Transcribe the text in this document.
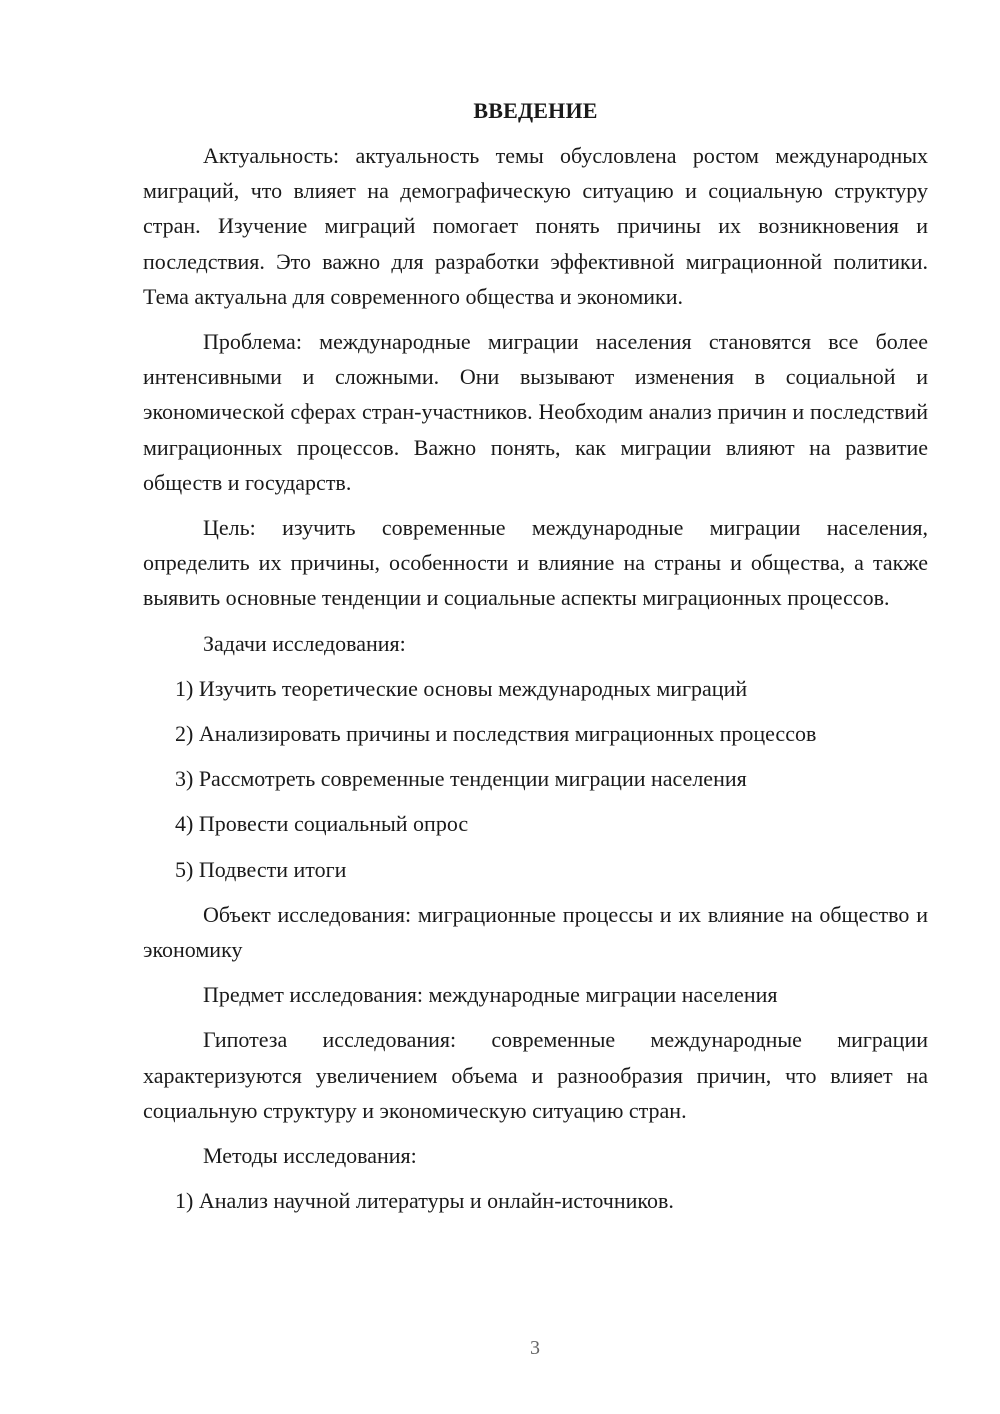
ВВЕДЕНИЕ

Актуальность: актуальность темы обусловлена ростом международных миграций, что влияет на демографическую ситуацию и социальную структуру стран. Изучение миграций помогает понять причины их возникновения и последствия. Это важно для разработки эффективной миграционной политики. Тема актуальна для современного общества и экономики.

Проблема: международные миграции населения становятся все более интенсивными и сложными. Они вызывают изменения в социальной и экономической сферах стран-участников. Необходим анализ причин и последствий миграционных процессов. Важно понять, как миграции влияют на развитие обществ и государств.

Цель: изучить современные международные миграции населения, определить их причины, особенности и влияние на страны и общества, а также выявить основные тенденции и социальные аспекты миграционных процессов.

Задачи исследования:

1) Изучить теоретические основы международных миграций

2) Анализировать причины и последствия миграционных процессов

3) Рассмотреть современные тенденции миграции населения

4) Провести социальный опрос

5) Подвести итоги

Объект исследования: миграционные процессы и их влияние на общество и экономику

Предмет исследования: международные миграции населения

Гипотеза исследования: современные международные миграции характеризуются увеличением объема и разнообразия причин, что влияет на социальную структуру и экономическую ситуацию стран.

Методы исследования:

1) Анализ научной литературы и онлайн-источников.

3
